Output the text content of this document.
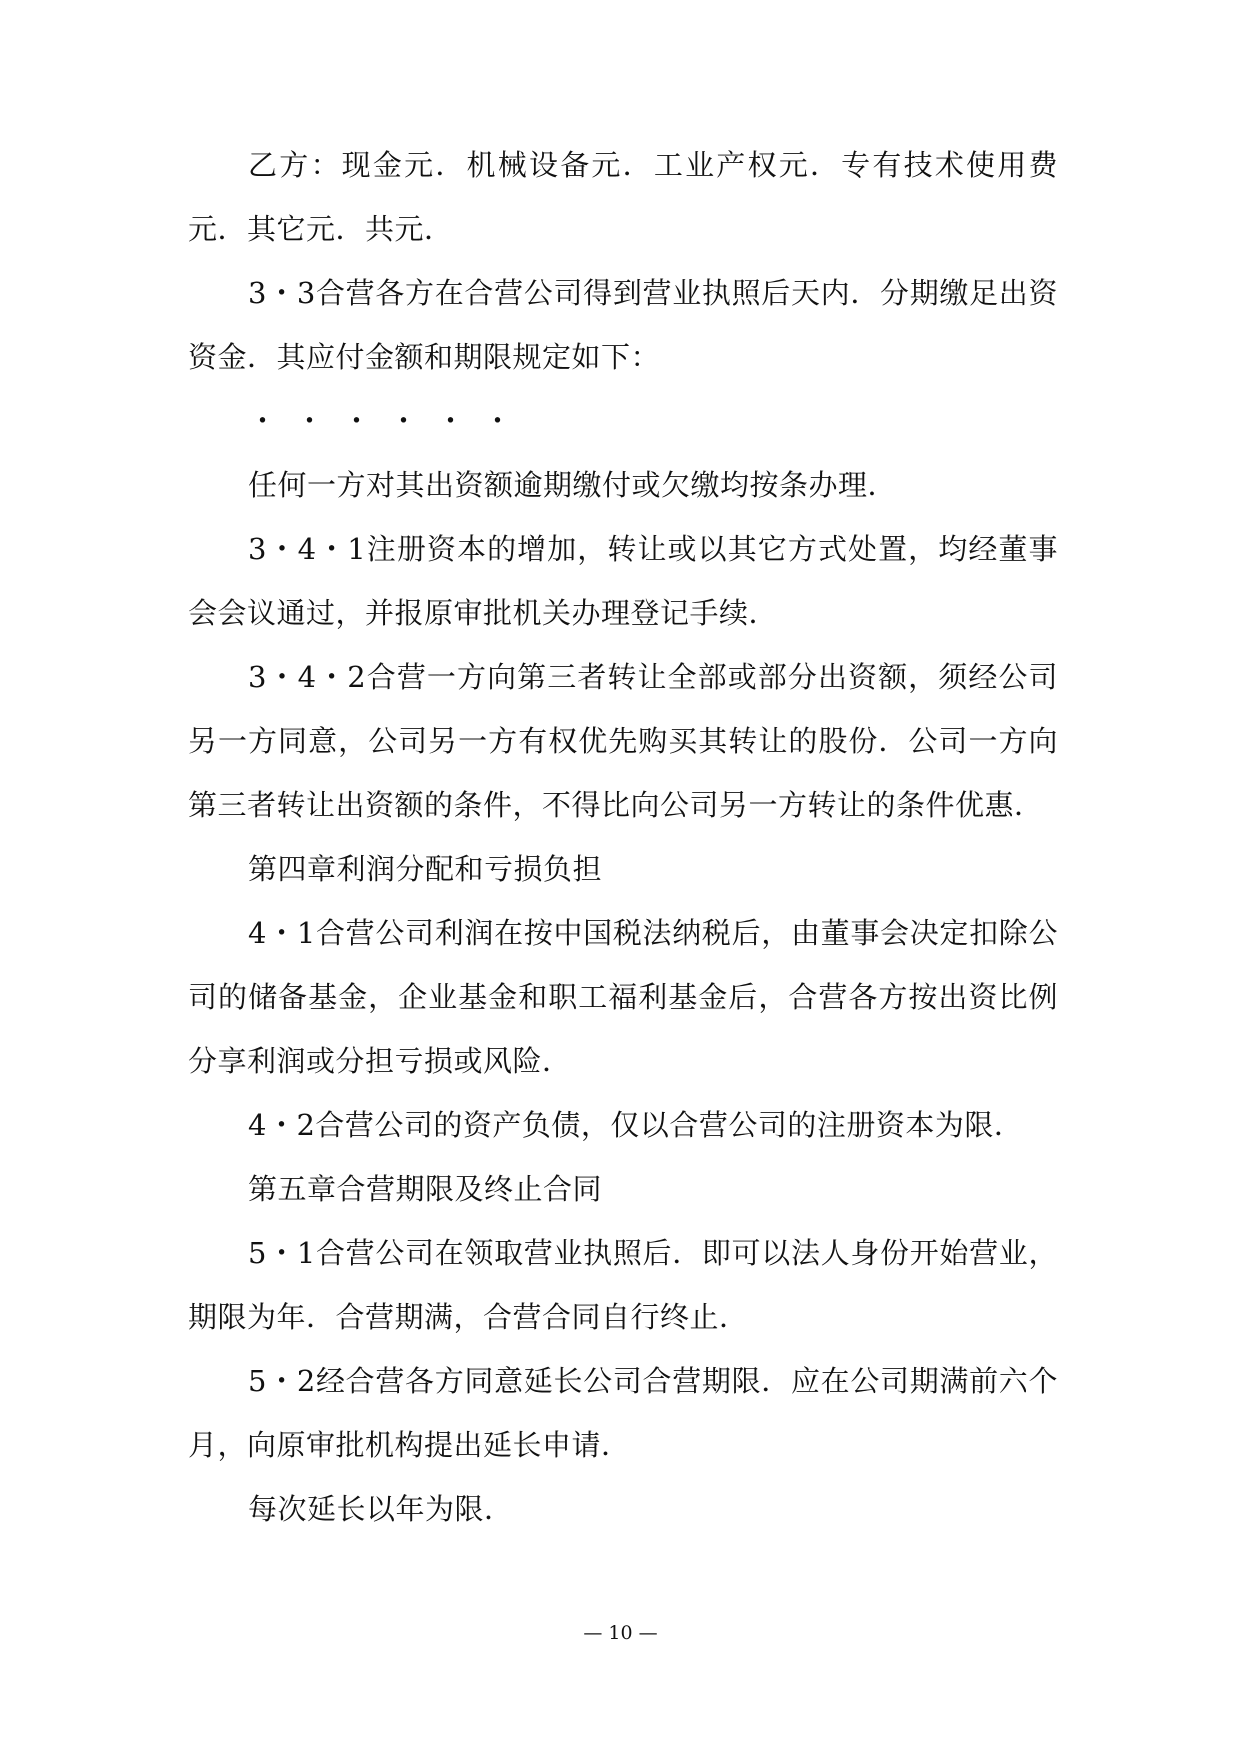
乙方：现金元．机械设备元．工业产权元．专有技术使用费元．其它元．共元．

3・3合营各方在合营公司得到营业执照后天内．分期缴足出资资金．其应付金额和期限规定如下：

・・・・・・

任何一方对其出资额逾期缴付或欠缴均按条办理．

3・4・1注册资本的增加，转让或以其它方式处置，均经董事会会议通过，并报原审批机关办理登记手续．

3・4・2合营一方向第三者转让全部或部分出资额，须经公司另一方同意，公司另一方有权优先购买其转让的股份．公司一方向第三者转让出资额的条件，不得比向公司另一方转让的条件优惠．

第四章利润分配和亏损负担

4・1合营公司利润在按中国税法纳税后，由董事会决定扣除公司的储备基金，企业基金和职工福利基金后，合营各方按出资比例分享利润或分担亏损或风险．

4・2合营公司的资产负债，仅以合营公司的注册资本为限．

第五章合营期限及终止合同

5・1合营公司在领取营业执照后．即可以法人身份开始营业，期限为年．合营期满，合营合同自行终止．

5・2经合营各方同意延长公司合营期限．应在公司期满前六个月，向原审批机构提出延长申请．

每次延长以年为限．

— 10 —
